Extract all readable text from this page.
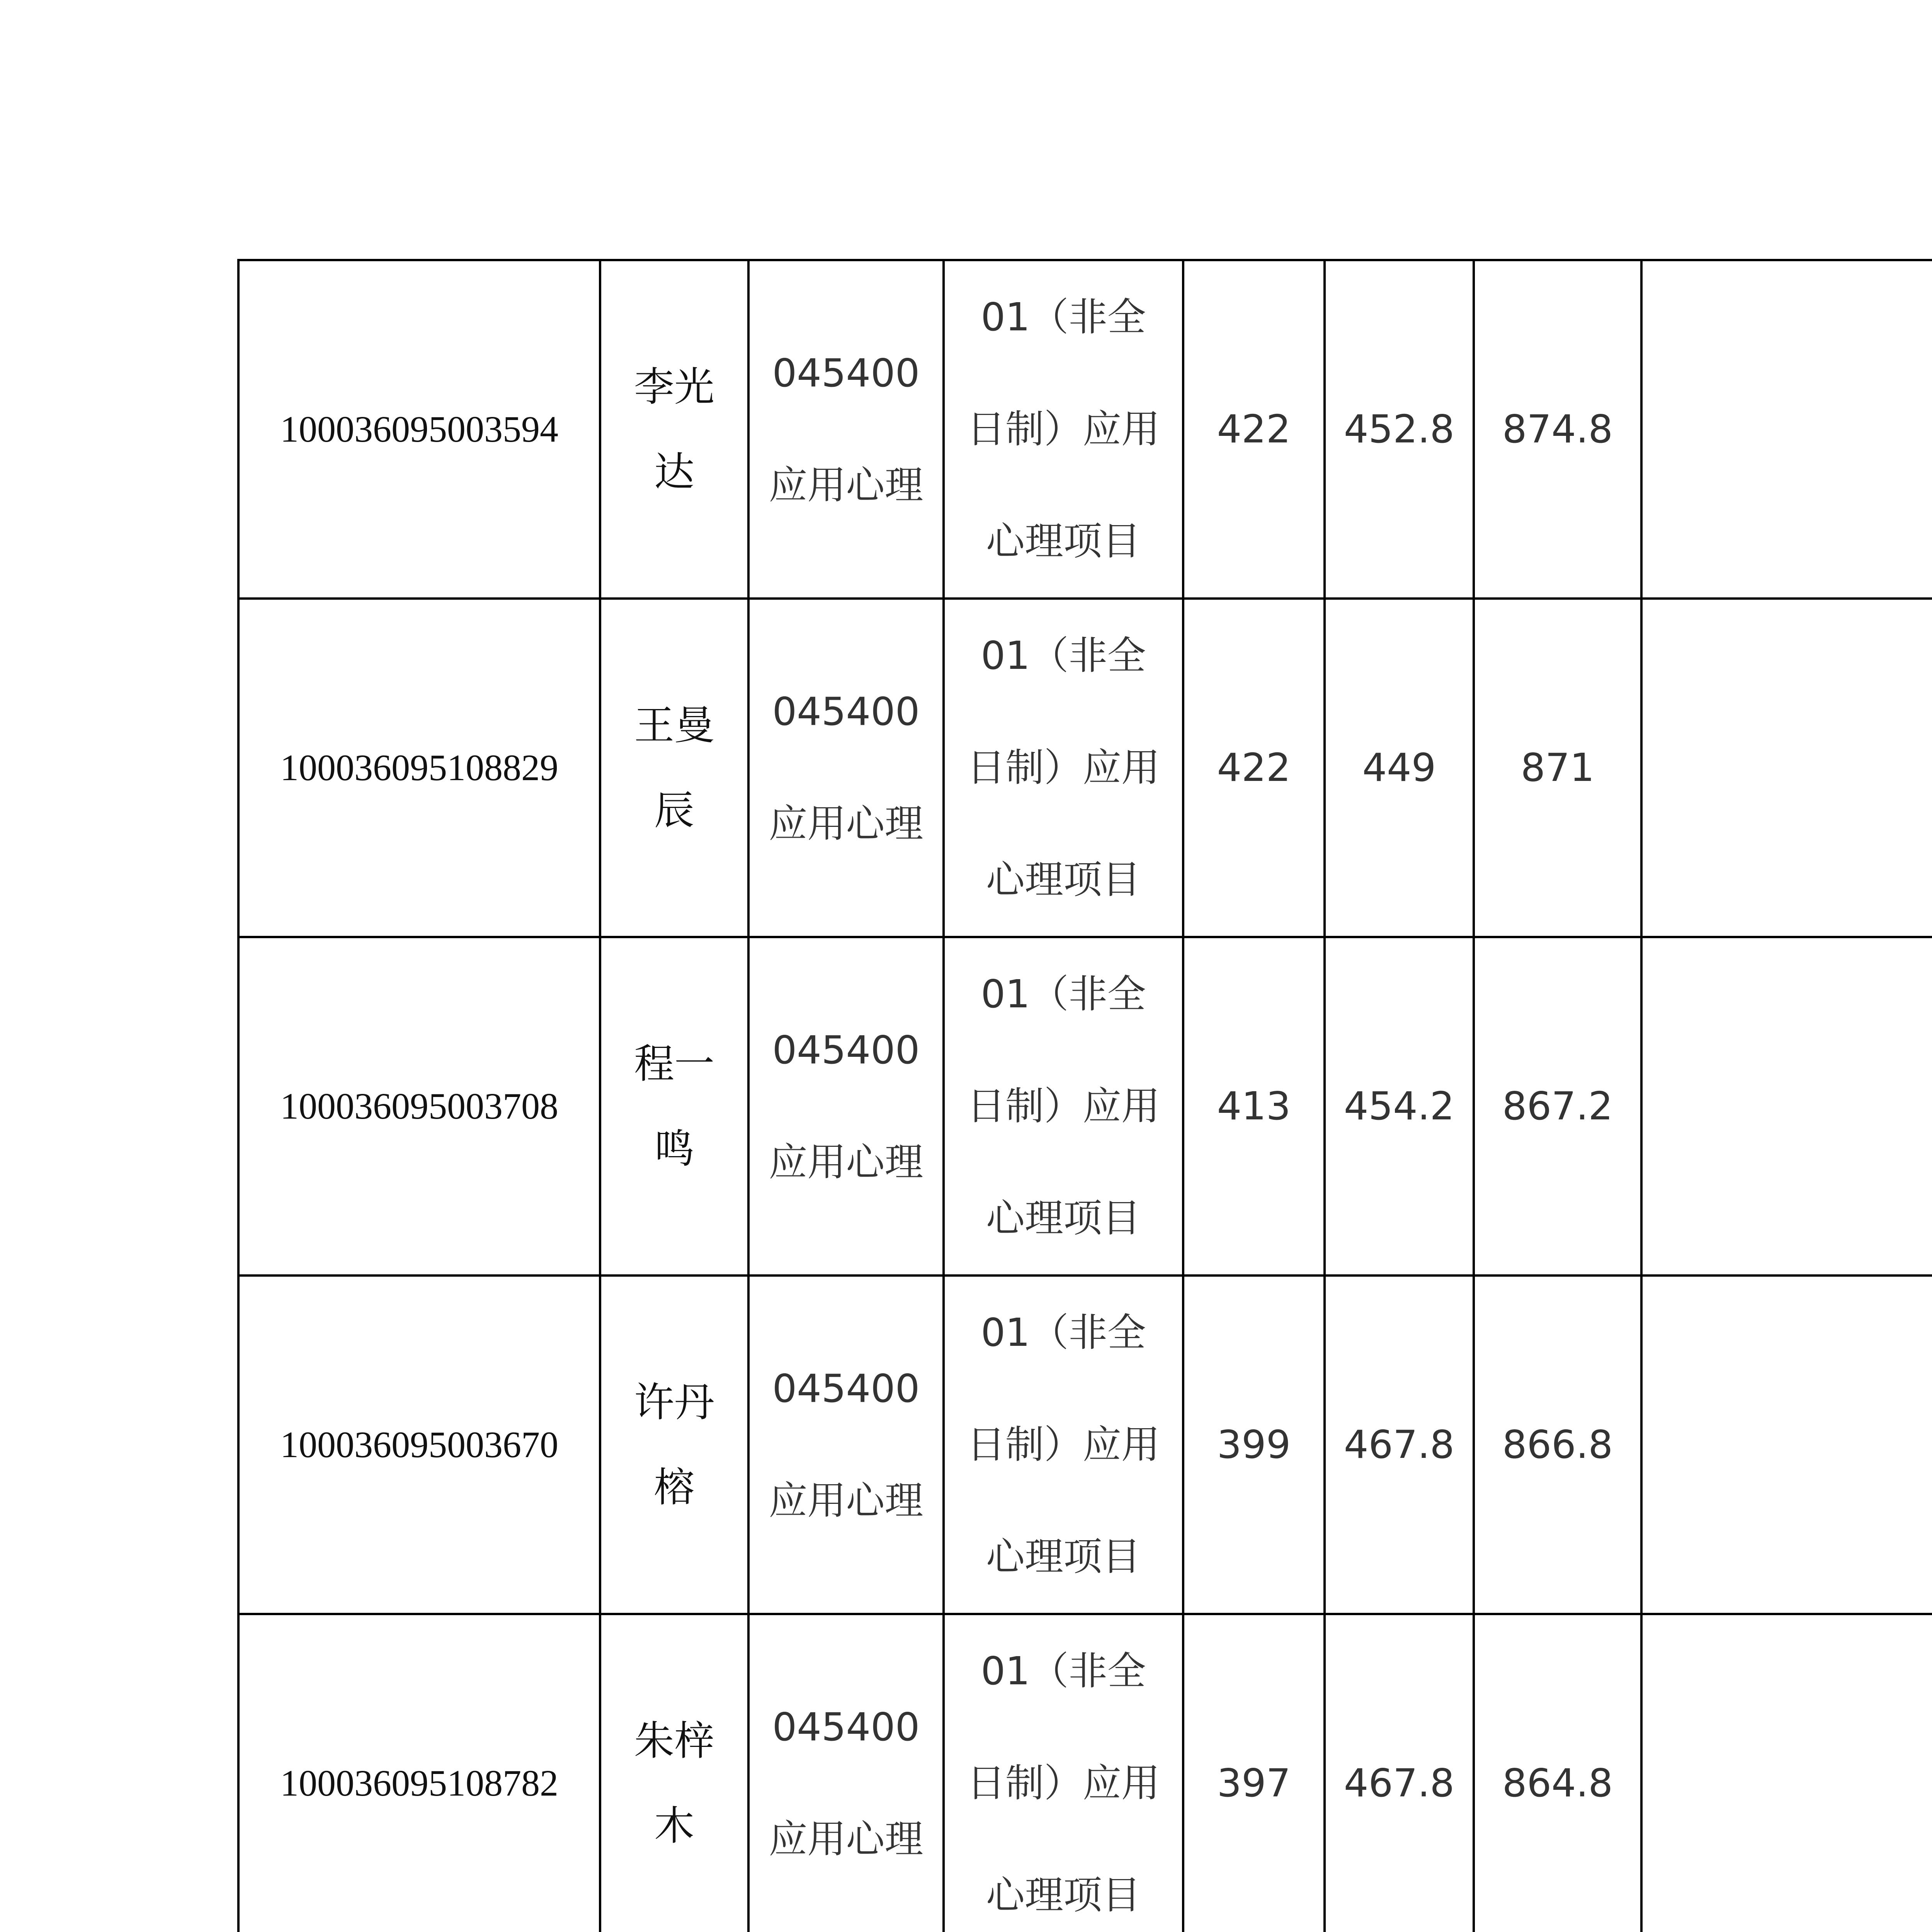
100036095003594	李光达	045400应用心理	01（非全日制）应用心理项目	422	452.8	874.8	

100036095108829	王曼辰	045400应用心理	01（非全日制）应用心理项目	422	449	871	

100036095003708	程一鸣	045400应用心理	01（非全日制）应用心理项目	413	454.2	867.2	

100036095003670	许丹榕	045400应用心理	01（非全日制）应用心理项目	399	467.8	866.8	

100036095108782	朱梓木	045400应用心理	01（非全日制）应用心理项目	397	467.8	864.8	
